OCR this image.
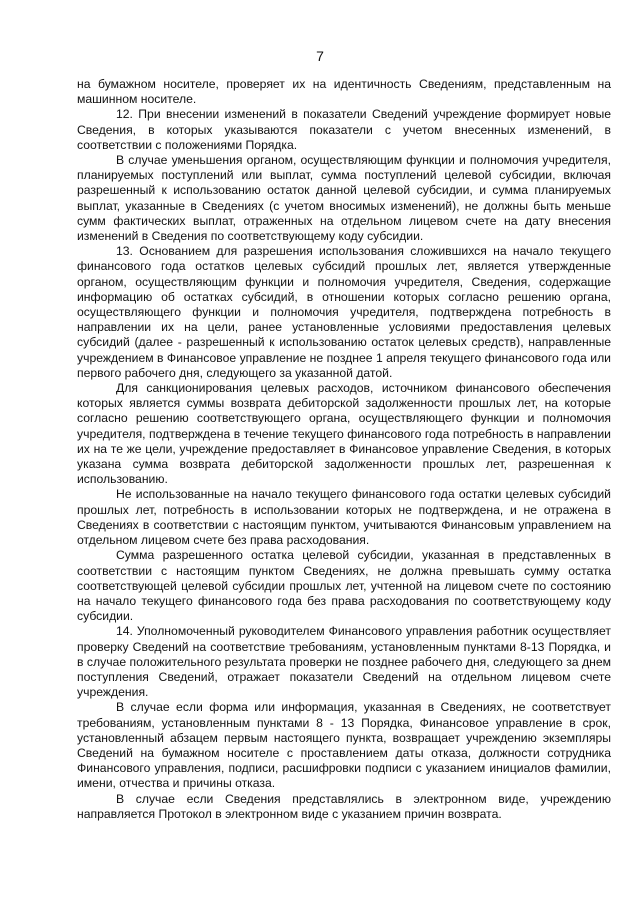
7

на бумажном носителе, проверяет их на идентичность Сведениям, представленным на машинном носителе.

12. При внесении изменений в показатели Сведений учреждение формирует новые Сведения, в которых указываются показатели с учетом внесенных изменений, в соответствии с положениями Порядка.

В случае уменьшения органом, осуществляющим функции и полномочия учредителя, планируемых поступлений или выплат, сумма поступлений целевой субсидии, включая разрешенный к использованию остаток данной целевой субсидии, и сумма планируемых выплат, указанные в Сведениях (с учетом вносимых изменений), не должны быть меньше сумм фактических выплат, отраженных на отдельном лицевом счете на дату внесения изменений в Сведения по соответствующему коду субсидии.

13. Основанием для разрешения использования сложившихся на начало текущего финансового года остатков целевых субсидий прошлых лет, является утвержденные органом, осуществляющим функции и полномочия учредителя, Сведения, содержащие информацию об остатках субсидий, в отношении которых согласно решению органа, осуществляющего функции и полномочия учредителя, подтверждена потребность в направлении их на цели, ранее установленные условиями предоставления целевых субсидий (далее - разрешенный к использованию остаток целевых средств), направленные учреждением в Финансовое управление не позднее 1 апреля текущего финансового года или первого рабочего дня, следующего за указанной датой.

Для санкционирования целевых расходов, источником финансового обеспечения которых является суммы возврата дебиторской задолженности прошлых лет, на которые согласно решению соответствующего органа, осуществляющего функции и полномочия учредителя, подтверждена в течение текущего финансового года потребность в направлении их на те же цели, учреждение предоставляет в Финансовое управление Сведения, в которых указана сумма возврата дебиторской задолженности прошлых лет, разрешенная к использованию.

Не использованные на начало текущего финансового года остатки целевых субсидий прошлых лет, потребность в использовании которых не подтверждена, и не отражена в Сведениях в соответствии с настоящим пунктом, учитываются Финансовым управлением на отдельном лицевом счете без права расходования.

Сумма разрешенного остатка целевой субсидии, указанная в представленных в соответствии с настоящим пунктом Сведениях, не должна превышать сумму остатка соответствующей целевой субсидии прошлых лет, учтенной на лицевом счете по состоянию на начало текущего финансового года без права расходования по соответствующему коду субсидии.

14. Уполномоченный руководителем Финансового управления работник осуществляет проверку Сведений на соответствие требованиям, установленным пунктами 8-13 Порядка, и в случае положительного результата проверки не позднее рабочего дня, следующего за днем поступления Сведений, отражает показатели Сведений на отдельном лицевом счете учреждения.

В случае если форма или информация, указанная в Сведениях, не соответствует требованиям, установленным пунктами 8 - 13 Порядка, Финансовое управление в срок, установленный абзацем первым настоящего пункта, возвращает учреждению экземпляры Сведений на бумажном носителе с проставлением даты отказа, должности сотрудника Финансового управления, подписи, расшифровки подписи с указанием инициалов фамилии, имени, отчества и причины отказа.

В случае если Сведения представлялись в электронном виде, учреждению направляется Протокол в электронном виде с указанием причин возврата.
